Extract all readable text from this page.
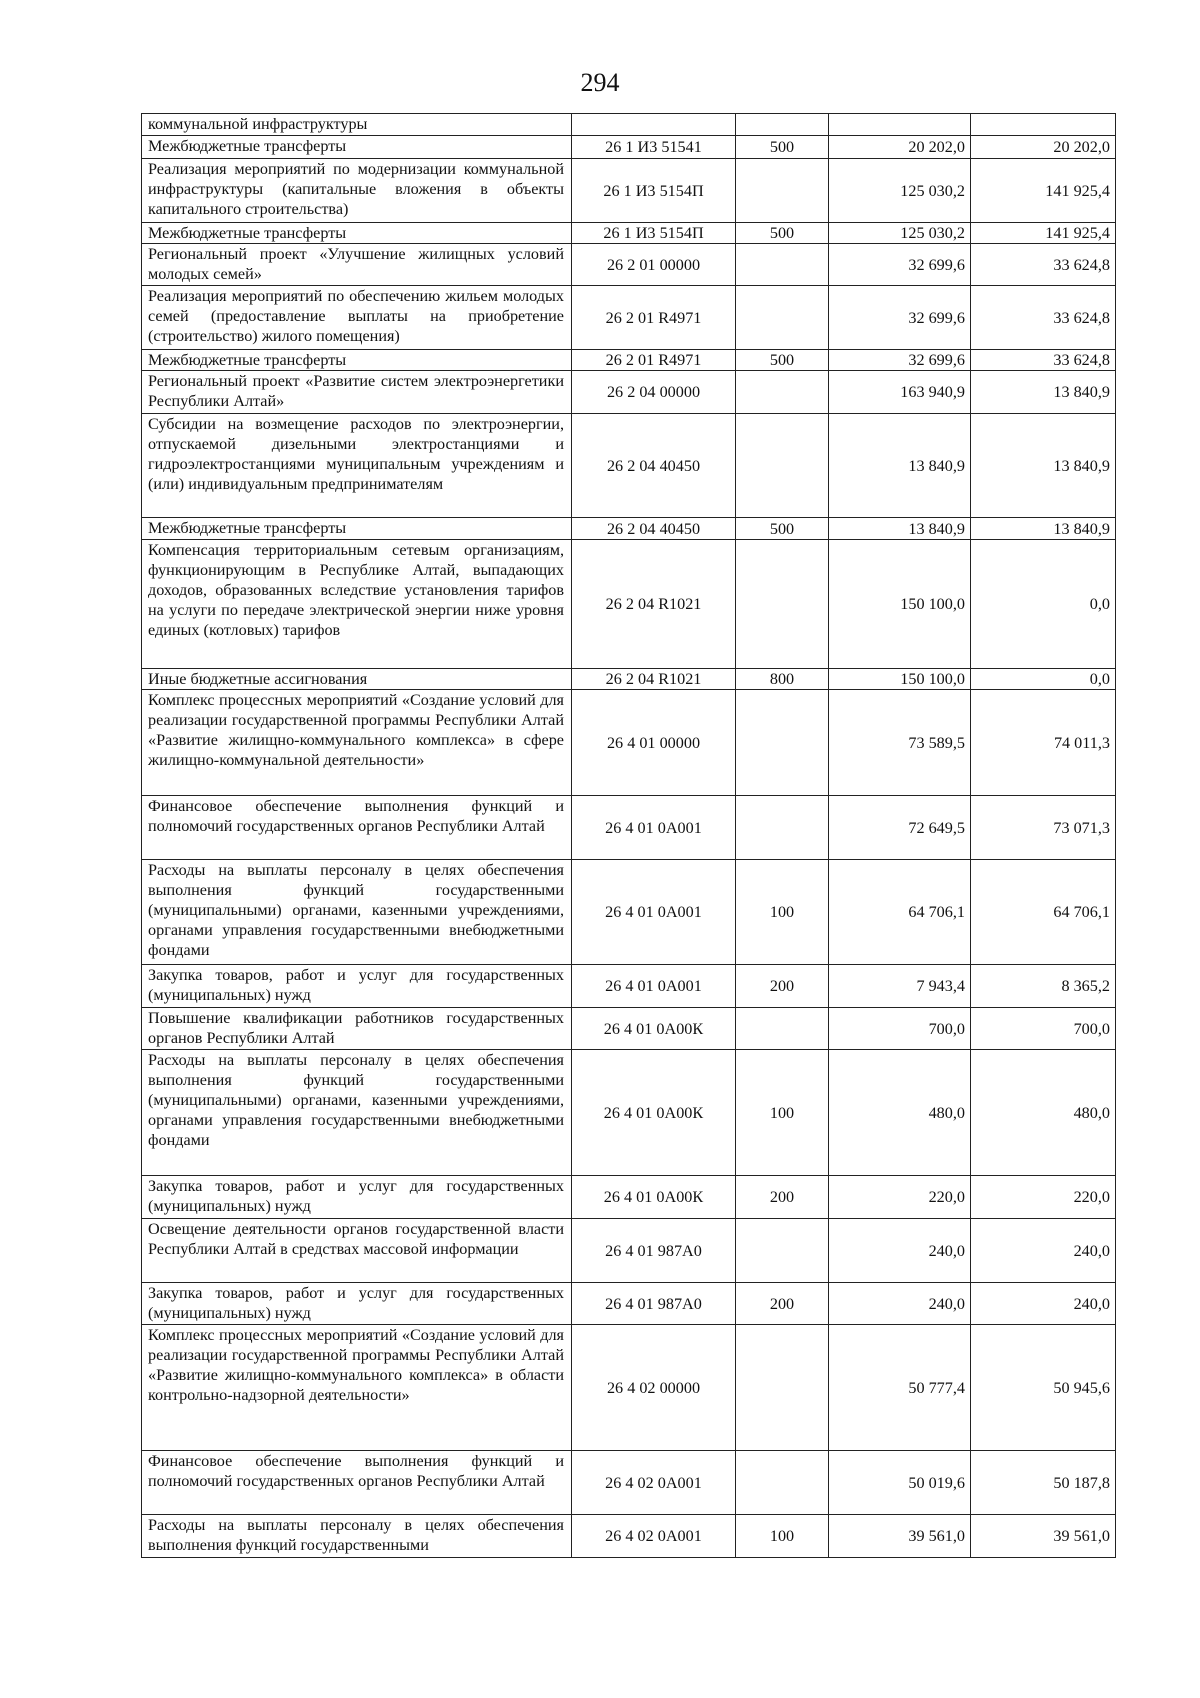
294
коммунальной инфраструктуры				
Межбюджетные трансферты	26 1 И3 51541	500	20 202,0	20 202,0
Реализация мероприятий по модернизации коммунальной инфраструктуры (капитальные вложения в объекты капитального строительства)	26 1 И3 5154П		125 030,2	141 925,4
Межбюджетные трансферты	26 1 И3 5154П	500	125 030,2	141 925,4
Региональный проект «Улучшение жилищных условий молодых семей»	26 2 01 00000		32 699,6	33 624,8
Реализация мероприятий по обеспечению жильем молодых семей (предоставление выплаты на приобретение (строительство) жилого помещения)	26 2 01 R4971		32 699,6	33 624,8
Межбюджетные трансферты	26 2 01 R4971	500	32 699,6	33 624,8
Региональный проект «Развитие систем электроэнергетики Республики Алтай»	26 2 04 00000		163 940,9	13 840,9
Субсидии на возмещение расходов по электроэнергии, отпускаемой дизельными электростанциями и гидроэлектростанциями муниципальным учреждениям и (или) индивидуальным предпринимателям	26 2 04 40450		13 840,9	13 840,9
Межбюджетные трансферты	26 2 04 40450	500	13 840,9	13 840,9
Компенсация территориальным сетевым организациям, функционирующим в Республике Алтай, выпадающих доходов, образованных вследствие установления тарифов на услуги по передаче электрической энергии ниже уровня единых (котловых) тарифов	26 2 04 R1021		150 100,0	0,0
Иные бюджетные ассигнования	26 2 04 R1021	800	150 100,0	0,0
Комплекс процессных мероприятий «Создание условий для реализации государственной программы Республики Алтай «Развитие жилищно-коммунального комплекса» в сфере жилищно-коммунальной деятельности»	26 4 01 00000		73 589,5	74 011,3
Финансовое обеспечение выполнения функций и полномочий государственных органов Республики Алтай	26 4 01 0А001		72 649,5	73 071,3
Расходы на выплаты персоналу в целях обеспечения выполнения функций государственными (муниципальными) органами, казенными учреждениями, органами управления государственными внебюджетными фондами	26 4 01 0А001	100	64 706,1	64 706,1
Закупка товаров, работ и услуг для государственных (муниципальных) нужд	26 4 01 0А001	200	7 943,4	8 365,2
Повышение квалификации работников государственных органов Республики Алтай	26 4 01 0А00К		700,0	700,0
Расходы на выплаты персоналу в целях обеспечения выполнения функций государственными (муниципальными) органами, казенными учреждениями, органами управления государственными внебюджетными фондами	26 4 01 0А00К	100	480,0	480,0
Закупка товаров, работ и услуг для государственных (муниципальных) нужд	26 4 01 0А00К	200	220,0	220,0
Освещение деятельности органов государственной власти Республики Алтай в средствах массовой информации	26 4 01 987А0		240,0	240,0
Закупка товаров, работ и услуг для государственных (муниципальных) нужд	26 4 01 987А0	200	240,0	240,0
Комплекс процессных мероприятий «Создание условий для реализации государственной программы Республики Алтай «Развитие жилищно-коммунального комплекса» в области контрольно-надзорной деятельности»	26 4 02 00000		50 777,4	50 945,6
Финансовое обеспечение выполнения функций и полномочий государственных органов Республики Алтай	26 4 02 0А001		50 019,6	50 187,8
Расходы на выплаты персоналу в целях обеспечения выполнения функций государственными	26 4 02 0А001	100	39 561,0	39 561,0
